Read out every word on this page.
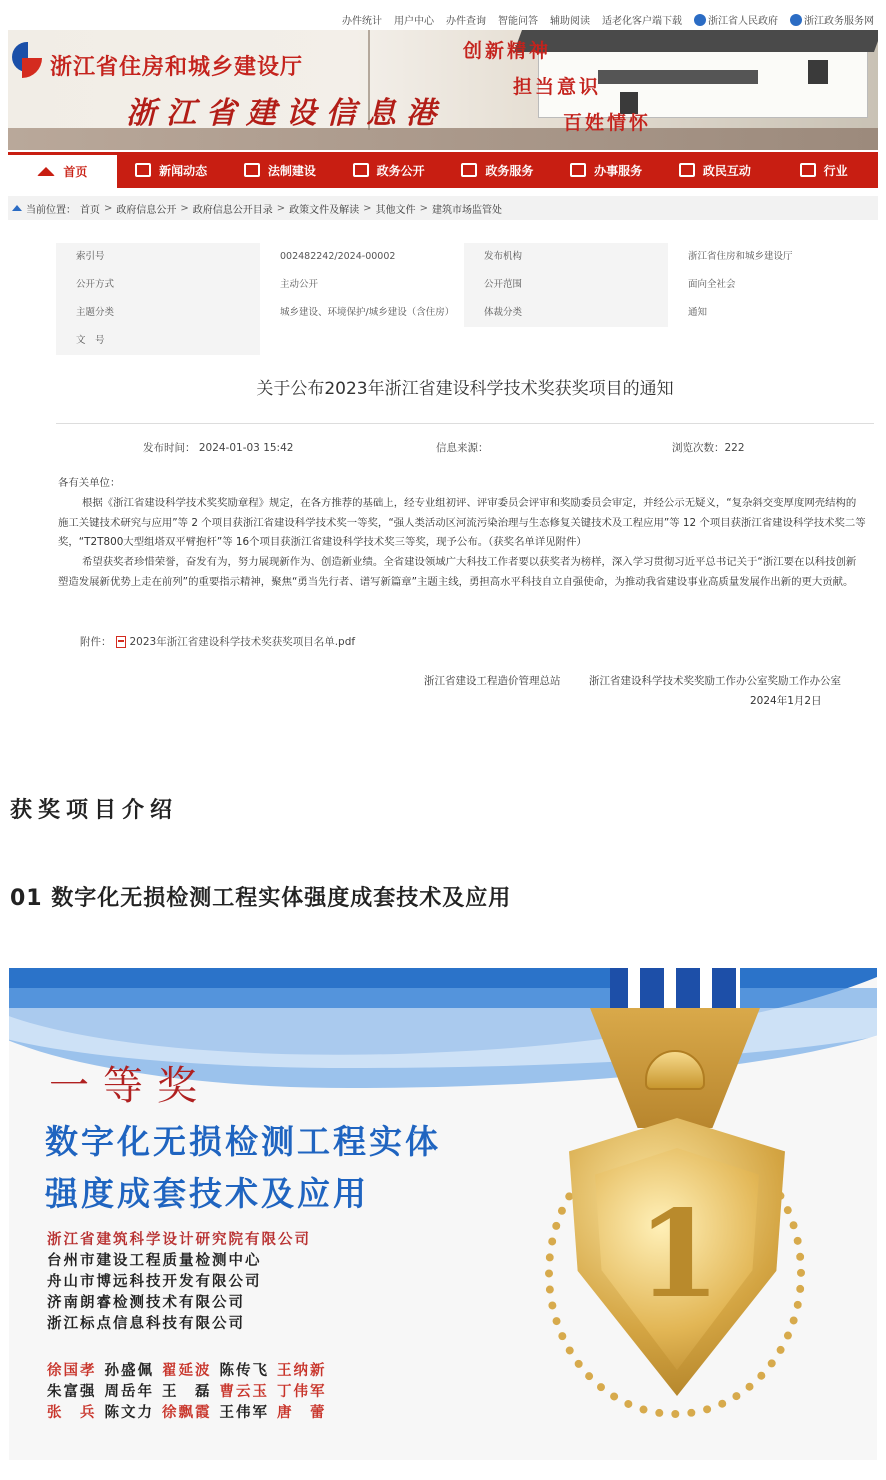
办件统计 用户中心 办件查询 智能问答 辅助阅读 适老化客户端下载	浙江省人民政府	浙江政务服务网
浙江省住房和城乡建设厅
浙江省建设信息港
创新精神
担当意识
百姓情怀
首页	新闻动态	法制建设	政务公开	政务服务	办事服务	政民互动	行业
当前位置： 首页 > 政府信息公开 > 政府信息公开目录 > 政策文件及解读 > 其他文件 > 建筑市场监管处
索引号	002482242/2024-00002	发布机构	浙江省住房和城乡建设厅
公开方式	主动公开	公开范围	面向全社会
主题分类	城乡建设、环境保护/城乡建设（含住房）	体裁分类	通知
文　号
关于公布2023年浙江省建设科学技术奖获奖项目的通知
发布时间： 2024-01-03 15:42	信息来源：	浏览次数：222
各有关单位：
根据《浙江省建设科学技术奖奖励章程》规定，在各方推荐的基础上，经专业组初评、评审委员会评审和奖励委员会审定，并经公示无疑义，“复杂斜交变厚度网壳结构的施工关键技术研究与应用”等 2 个项目获浙江省建设科学技术奖一等奖，“强人类活动区河流污染治理与生态修复关键技术及工程应用”等 12 个项目获浙江省建设科学技术奖二等奖，“T2T800大型组塔双平臂抱杆”等 16个项目获浙江省建设科学技术奖三等奖，现予公布。（获奖名单详见附件）
希望获奖者珍惜荣誉，奋发有为，努力展现新作为、创造新业绩。全省建设领域广大科技工作者要以获奖者为榜样，深入学习贯彻习近平总书记关于“浙江要在以科技创新塑造发展新优势上走在前列”的重要指示精神，聚焦“勇当先行者、谱写新篇章”主题主线，勇担高水平科技自立自强使命，为推动我省建设事业高质量发展作出新的更大贡献。
附件： 2023年浙江省建设科学技术奖获奖项目名单.pdf
浙江省建设工程造价管理总站	浙江省建设科学技术奖奖励工作办公室奖励工作办公室
2024年1月2日
获奖项目介绍
01 数字化无损检测工程实体强度成套技术及应用
1
一等奖
数字化无损检测工程实体
强度成套技术及应用
浙江省建筑科学设计研究院有限公司
台州市建设工程质量检测中心
舟山市博远科技开发有限公司
济南朗睿检测技术有限公司
浙江标点信息科技有限公司
徐国孝 孙盛佩 翟延波 陈传飞 王纳新
朱富强 周岳年 王　磊 曹云玉 丁伟军
张　兵 陈文力 徐飘霞 王伟军 唐　蕾
